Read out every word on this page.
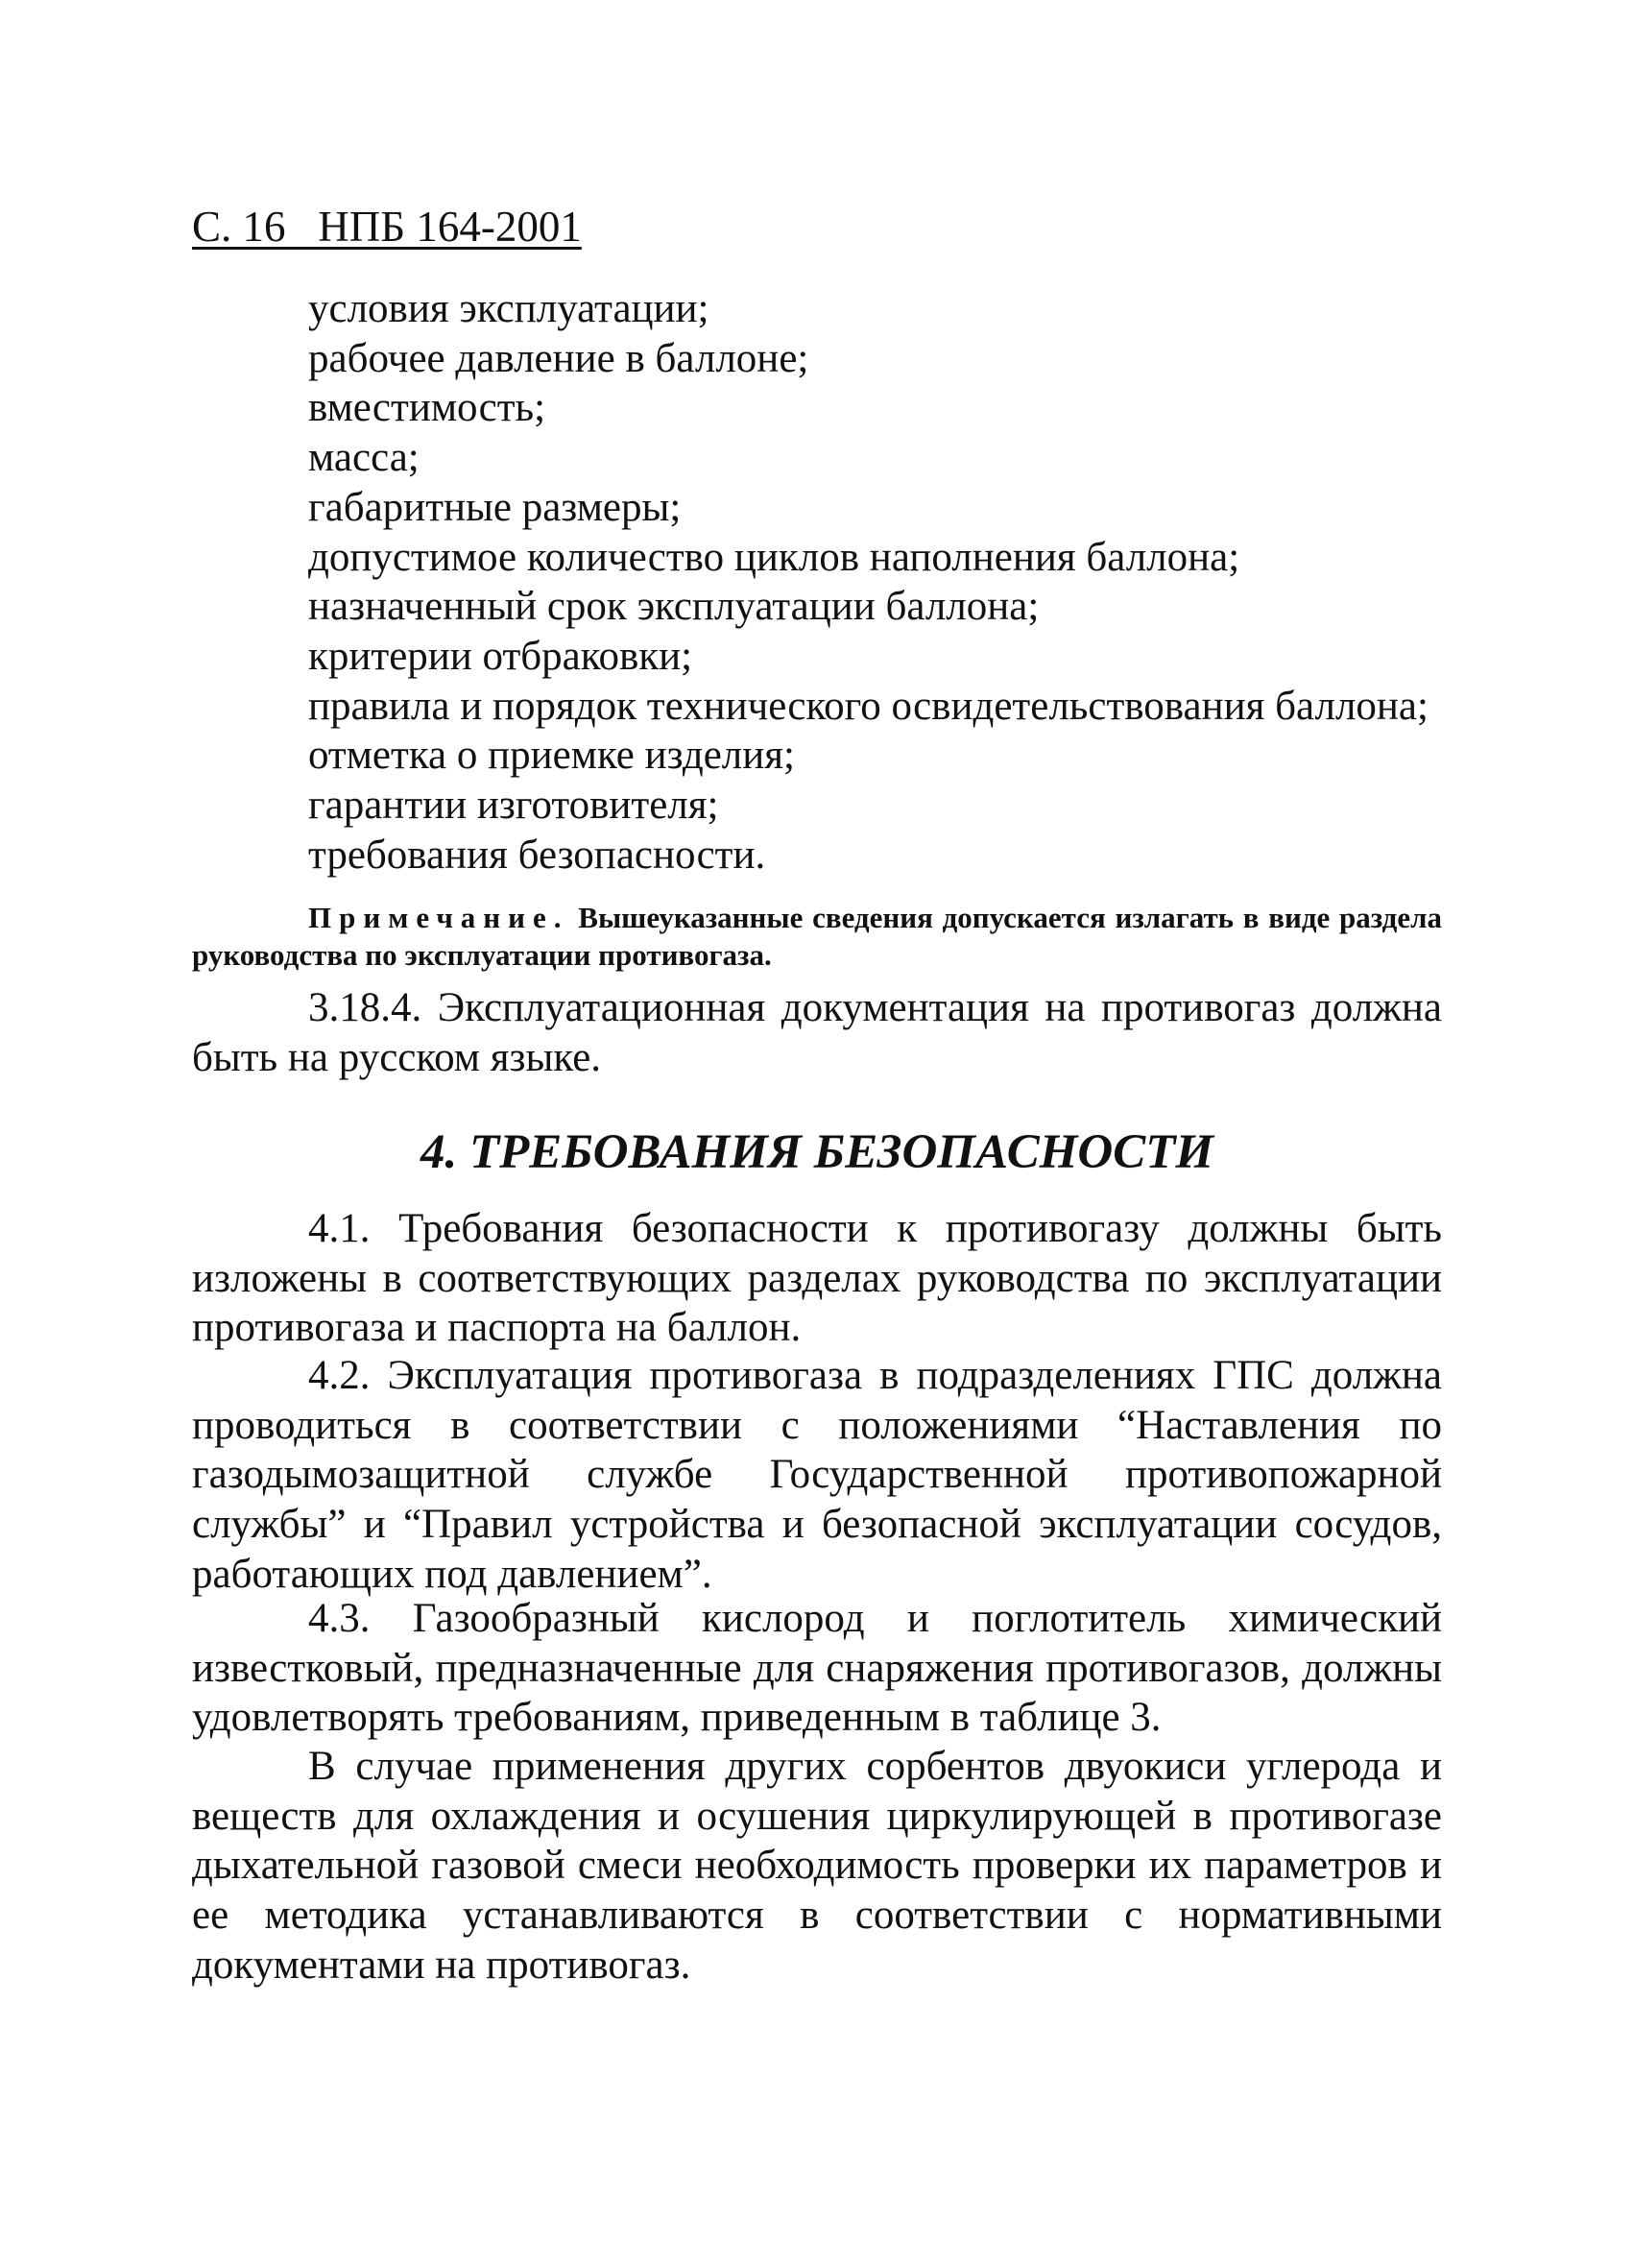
С. 16   НПБ 164-2001
условия эксплуатации;
рабочее давление в баллоне;
вместимость;
масса;
габаритные размеры;
допустимое количество циклов наполнения баллона;
назначенный срок эксплуатации баллона;
критерии отбраковки;
правила и порядок технического освидетельствования баллона;
отметка о приемке изделия;
гарантии изготовителя;
требования безопасности.
Примечание. Вышеуказанные сведения допускается излагать в виде раздела руководства по эксплуатации противогаза.
3.18.4. Эксплуатационная документация на противогаз должна быть на русском языке.
4. ТРЕБОВАНИЯ БЕЗОПАСНОСТИ
4.1. Требования безопасности к противогазу должны быть изложены в соответствующих разделах руководства по эксплуатации противогаза и паспорта на баллон.
4.2. Эксплуатация противогаза в подразделениях ГПС должна проводиться в соответствии с положениями “Наставления по газодымозащитной службе Государственной противопожарной службы” и “Правил устройства и безопасной эксплуатации сосудов, работающих под давлением”.
4.3. Газообразный кислород и поглотитель химический известковый, предназначенные для снаряжения противогазов, должны удовлетворять требованиям, приведенным в таблице 3.
В случае применения других сорбентов двуокиси углерода и веществ для охлаждения и осушения циркулирующей в противогазе дыхательной газовой смеси необходимость проверки их параметров и ее методика устанавливаются в соответствии с нормативными документами на противогаз.
